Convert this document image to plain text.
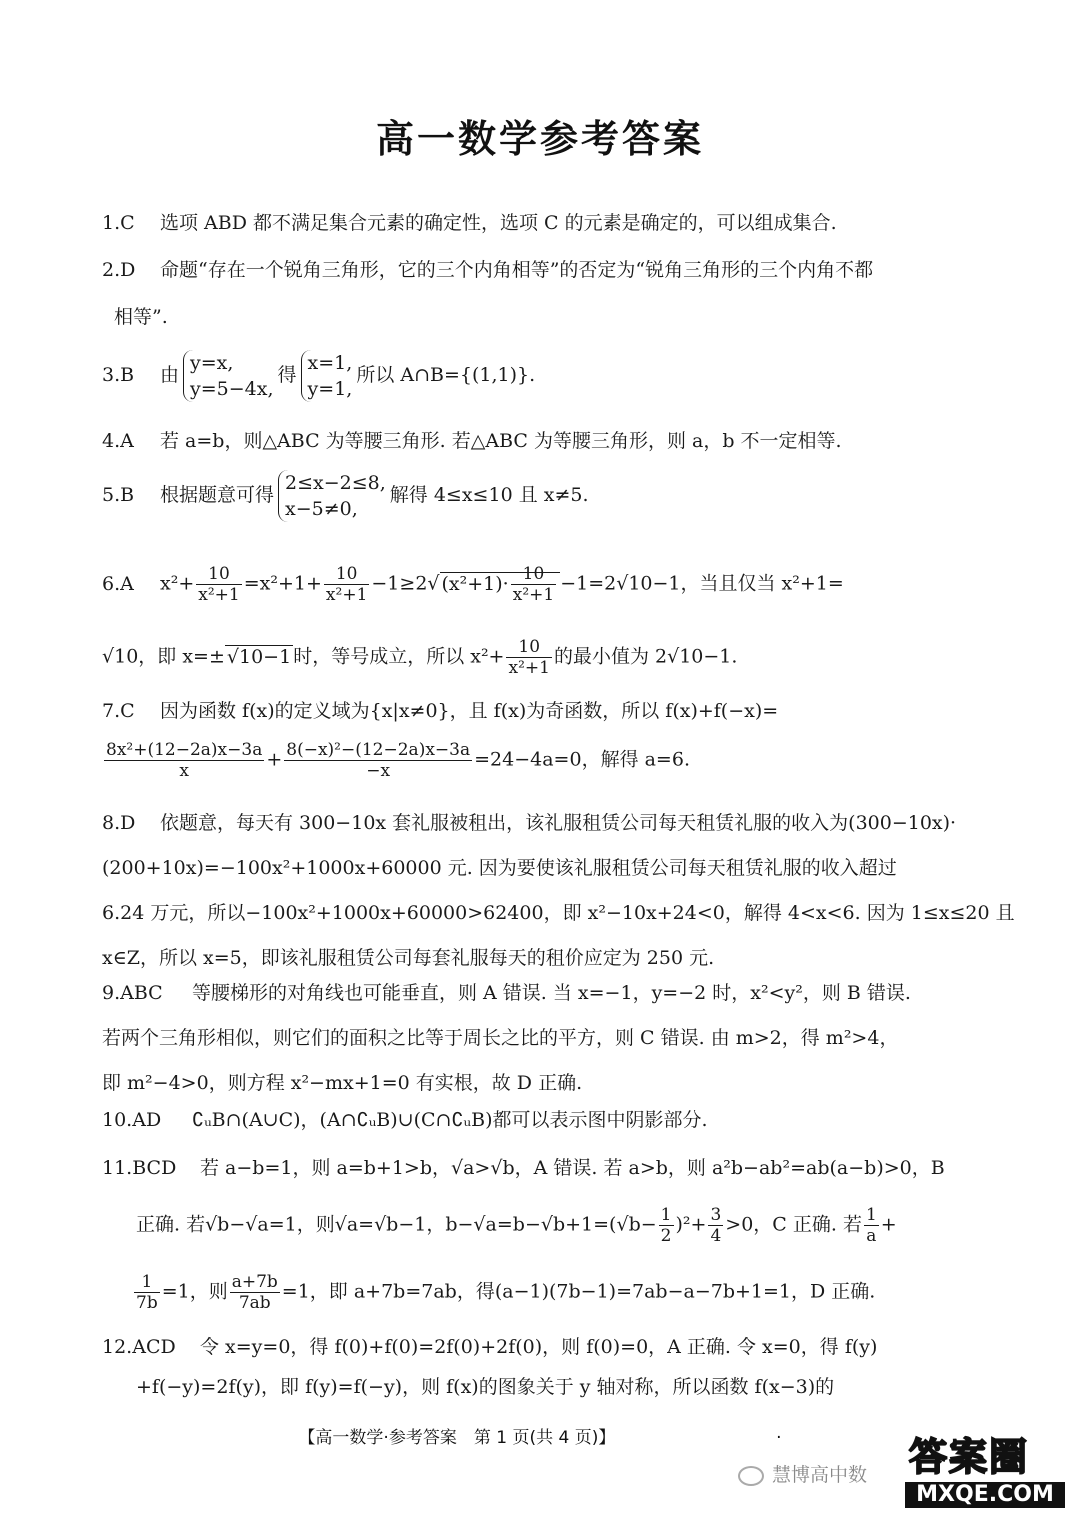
高一数学参考答案
1.C 选项 ABD 都不满足集合元素的确定性，选项 C 的元素是确定的，可以组成集合.
2.D 命题“存在一个锐角三角形，它的三个内角相等”的否定为“锐角三角形的三个内角不都
相等”.
3.B 由
y=x,
y=5−4x,
得
x=1,
y=1,
所以 A∩B={(1,1)}.
4.A 若 a=b，则△ABC 为等腰三角形. 若△ABC 为等腰三角形，则 a，b 不一定相等.
5.B 根据题意可得
2≤x−2≤8,
x−5≠0,
解得 4≤x≤10 且 x≠5.
6.A $x^2+ \frac{10}{\text{x²+1}} =x^2+1+ \frac{10}{\text{x²+1}} -1\ge 2√$ $(x^2+1)\cdot \frac{10}{\text{x²+1}} -1=2√10-1$，当且仅当 x²+1=
√10，即 x=± √10−1 时，等号成立，所以 $x^2+ \frac{10}{\text{x²+1}}$ 的最小值为 2√10−1.
7.C 因为函数 f(x)的定义域为{x|x≠0}，且 f(x)为奇函数，所以 f(x)+f(−x)=
$\frac{\text{8x²+(12−2a)x−3a}}{x} + \frac{\text{8(−x)²−(12−2a)x−3a}}{-x} =24-4a=0$，解得 a=6.
8.D 依题意，每天有 300−10x 套礼服被租出，该礼服租赁公司每天租赁礼服的收入为(300−10x)·
(200+10x)=−100x²+1000x+60000 元. 因为要使该礼服租赁公司每天租赁礼服的收入超过
6.24 万元，所以−100x²+1000x+60000>62400，即 x²−10x+24<0，解得 4<x<6. 因为 1≤x≤20 且
x∈Z，所以 x=5，即该礼服租赁公司每套礼服每天的租价应定为 250 元.
9.ABC 等腰梯形的对角线也可能垂直，则 A 错误. 当 x=−1，y=−2 时，x²<y²，则 B 错误.
若两个三角形相似，则它们的面积之比等于周长之比的平方，则 C 错误. 由 m>2，得 m²>4，
即 m²−4>0，则方程 x²−mx+1=0 有实根，故 D 正确.
10.AD ∁ᵤB∩(A∪C)，(A∩∁ᵤB)∪(C∩∁ᵤB)都可以表示图中阴影部分.
11.BCD 若 a−b=1，则 a=b+1>b，√a>√b，A 错误. 若 a>b，则 a²b−ab²=ab(a−b)>0，B
正确. 若√b−√a=1，则√a=√b−1，$b-√a=b-√b+1=(√b- \frac{1}{2} )^2+ \frac{3}{4} >0$，C 正确. 若 $\frac{1}{a}$ +
$\frac{1}{7b} =1$，则 $\frac{a+7b}{7ab} =1$，即 a+7b=7ab，得(a−1)(7b−1)=7ab−a−7b+1=1，D 正确.
12.ACD 令 x=y=0，得 f(0)+f(0)=2f(0)+2f(0)，则 f(0)=0，A 正确. 令 x=0，得 f(y)
+f(−y)=2f(y)，即 f(y)=f(−y)，则 f(x)的图象关于 y 轴对称，所以函数 f(x−3)的
【高一数学·参考答案　第 1 页(共 4 页)】	·
慧博高中数 答案圈
MXQE.COM
